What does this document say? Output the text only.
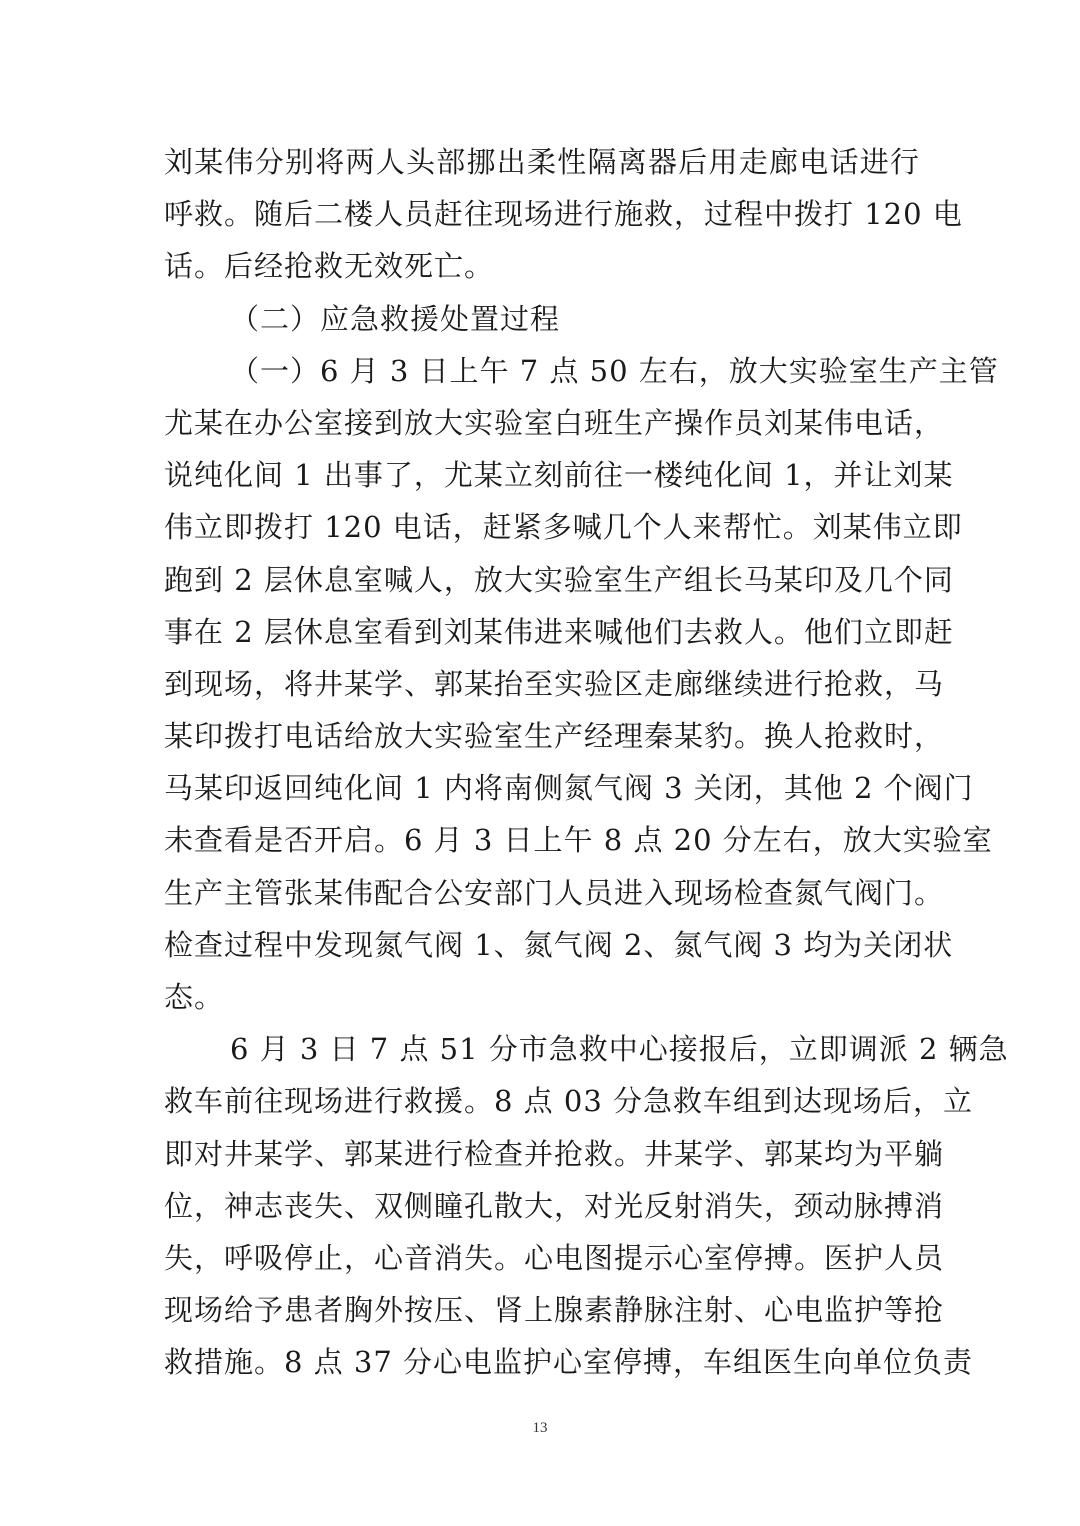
刘某伟分别将两人头部挪出柔性隔离器后用走廊电话进行
呼救。随后二楼人员赶往现场进行施救，过程中拨打 120 电
话。后经抢救无效死亡。
（二）应急救援处置过程
（一）6 月 3 日上午 7 点 50 左右，放大实验室生产主管
尤某在办公室接到放大实验室白班生产操作员刘某伟电话，
说纯化间 1 出事了，尤某立刻前往一楼纯化间 1，并让刘某
伟立即拨打 120 电话，赶紧多喊几个人来帮忙。刘某伟立即
跑到 2 层休息室喊人，放大实验室生产组长马某印及几个同
事在 2 层休息室看到刘某伟进来喊他们去救人。他们立即赶
到现场，将井某学、郭某抬至实验区走廊继续进行抢救，马
某印拨打电话给放大实验室生产经理秦某豹。换人抢救时，
马某印返回纯化间 1 内将南侧氮气阀 3 关闭，其他 2 个阀门
未查看是否开启。6 月 3 日上午 8 点 20 分左右，放大实验室
生产主管张某伟配合公安部门人员进入现场检查氮气阀门。
检查过程中发现氮气阀 1、氮气阀 2、氮气阀 3 均为关闭状
态。
6 月 3 日 7 点 51 分市急救中心接报后，立即调派 2 辆急
救车前往现场进行救援。8 点 03 分急救车组到达现场后，立
即对井某学、郭某进行检查并抢救。井某学、郭某均为平躺
位，神志丧失、双侧瞳孔散大，对光反射消失，颈动脉搏消
失，呼吸停止，心音消失。心电图提示心室停搏。医护人员
现场给予患者胸外按压、肾上腺素静脉注射、心电监护等抢
救措施。8 点 37 分心电监护心室停搏，车组医生向单位负责
13
